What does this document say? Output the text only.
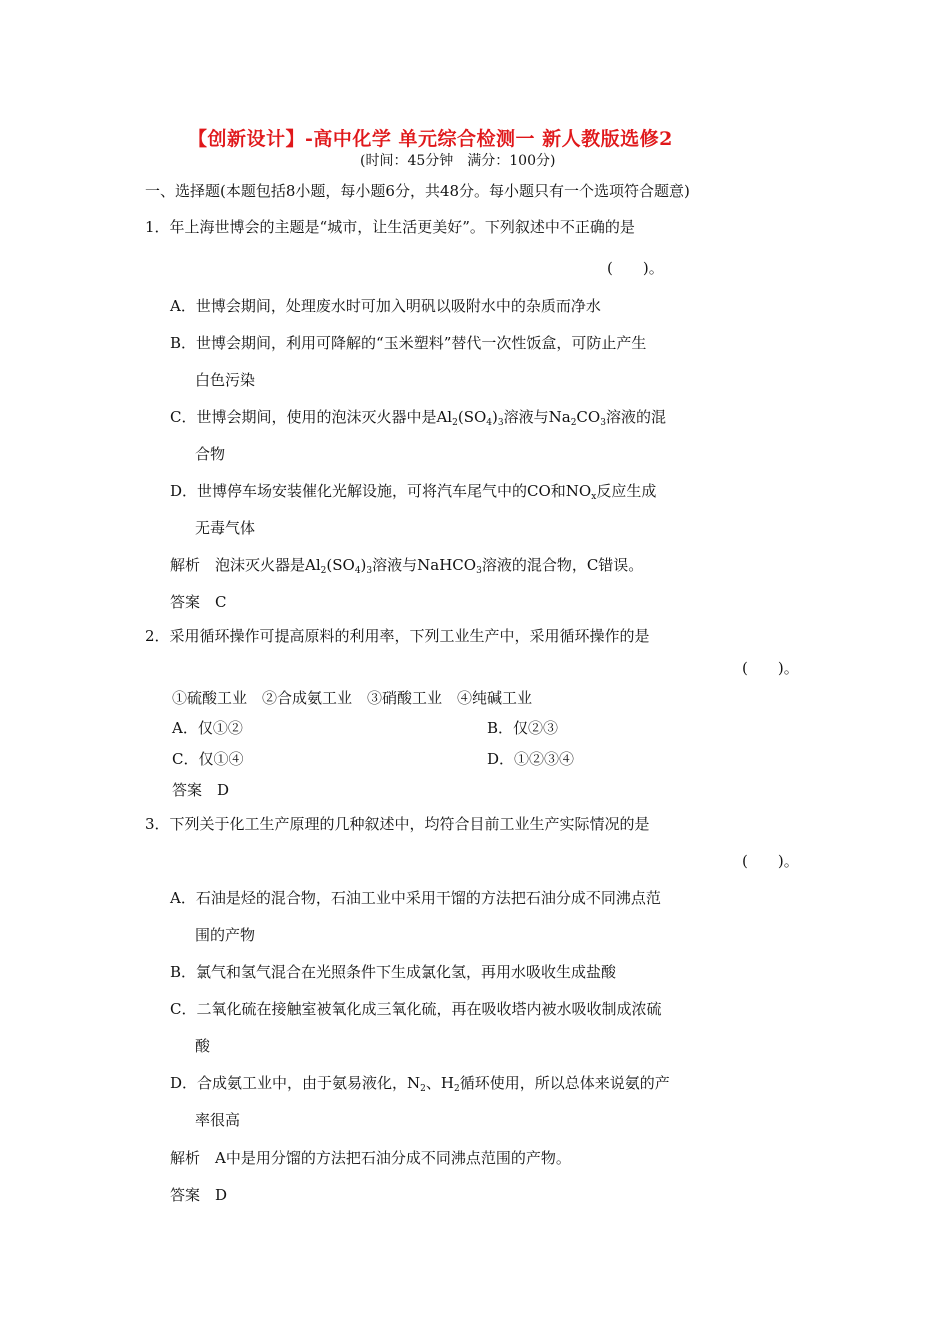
【创新设计】-高中化学 单元综合检测一 新人教版选修2
(时间：45分钟　满分：100分)
一、选择题(本题包括8小题，每小题6分，共48分。每小题只有一个选项符合题意)
1．年上海世博会的主题是“城市，让生活更美好”。下列叙述中不正确的是
(　　)。
A．世博会期间，处理废水时可加入明矾以吸附水中的杂质而净水
B．世博会期间，利用可降解的“玉米塑料”替代一次性饭盒，可防止产生
白色污染
C．世博会期间，使用的泡沫灭火器中是$Al_2(SO_4)_3$溶液与$Na_2CO_3$溶液的混
合物
D．世博停车场安装催化光解设施，可将汽车尾气中的CO和$NO_x$反应生成
无毒气体
解析　泡沫灭火器是$Al_2(SO_4)_3$溶液与NaHCO$_3$溶液的混合物，C错误。
答案　C
2．采用循环操作可提高原料的利用率，下列工业生产中，采用循环操作的是
(　　)。
①硫酸工业　②合成氨工业　③硝酸工业　④纯碱工业
A．仅①②	B．仅②③
C．仅①④	D．①②③④
答案　D
3．下列关于化工生产原理的几种叙述中，均符合目前工业生产实际情况的是
(　　)。
A．石油是烃的混合物，石油工业中采用干馏的方法把石油分成不同沸点范
围的产物
B．氯气和氢气混合在光照条件下生成氯化氢，再用水吸收生成盐酸
C．二氧化硫在接触室被氧化成三氧化硫，再在吸收塔内被水吸收制成浓硫
酸
D．合成氨工业中，由于氨易液化，$N_2$、$H_2$循环使用，所以总体来说氨的产
率很高
解析　A中是用分馏的方法把石油分成不同沸点范围的产物。
答案　D
